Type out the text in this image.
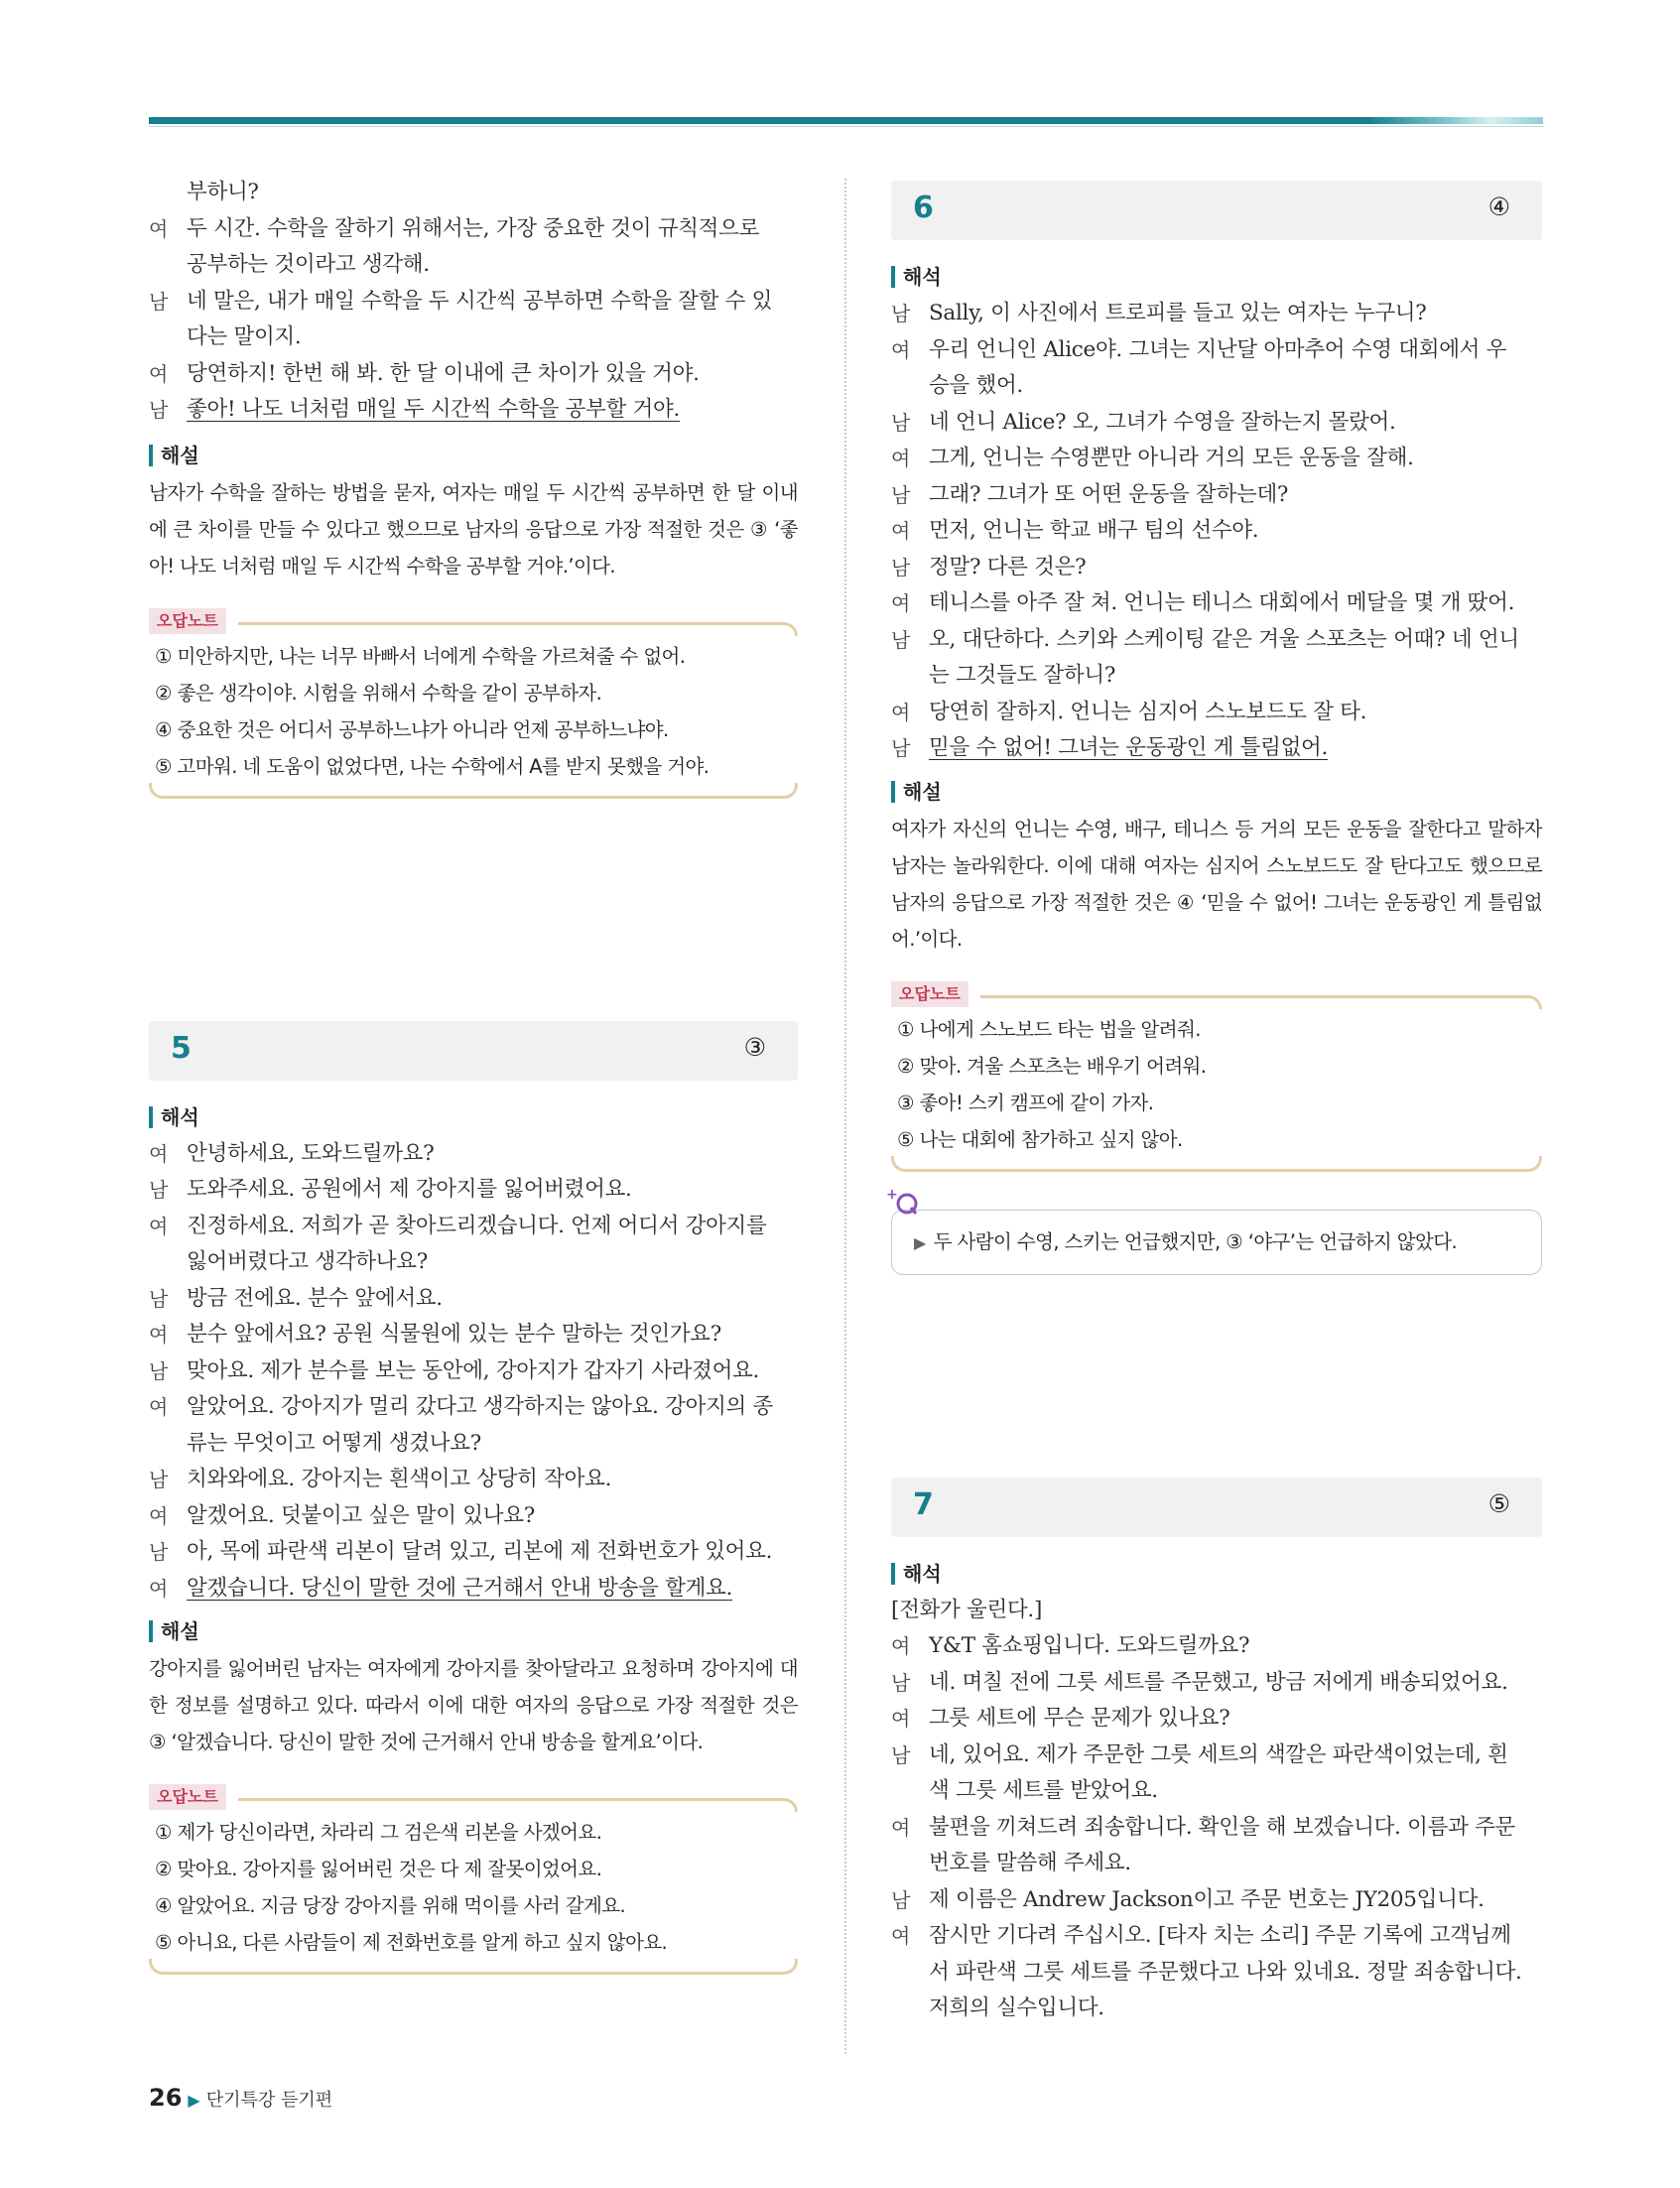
부하니?
여 두 시간. 수학을 잘하기 위해서는, 가장 중요한 것이 규칙적으로
공부하는 것이라고 생각해.
남 네 말은, 내가 매일 수학을 두 시간씩 공부하면 수학을 잘할 수 있
다는 말이지.
여 당연하지! 한번 해 봐. 한 달 이내에 큰 차이가 있을 거야.
남 좋아! 나도 너처럼 매일 두 시간씩 수학을 공부할 거야.
해설
남자가 수학을 잘하는 방법을 묻자, 여자는 매일 두 시간씩 공부하면 한 달 이내에 큰 차이를 만들 수 있다고 했으므로 남자의 응답으로 가장 적절한 것은 ③ ‘좋아! 나도 너처럼 매일 두 시간씩 수학을 공부할 거야.’이다.
오답노트
① 미안하지만, 나는 너무 바빠서 너에게 수학을 가르쳐줄 수 없어.
② 좋은 생각이야. 시험을 위해서 수학을 같이 공부하자.
④ 중요한 것은 어디서 공부하느냐가 아니라 언제 공부하느냐야.
⑤ 고마워. 네 도움이 없었다면, 나는 수학에서 A를 받지 못했을 거야.
5	③
해석
여 안녕하세요, 도와드릴까요?
남 도와주세요. 공원에서 제 강아지를 잃어버렸어요.
여 진정하세요. 저희가 곧 찾아드리겠습니다. 언제 어디서 강아지를
잃어버렸다고 생각하나요?
남 방금 전에요. 분수 앞에서요.
여 분수 앞에서요? 공원 식물원에 있는 분수 말하는 것인가요?
남 맞아요. 제가 분수를 보는 동안에, 강아지가 갑자기 사라졌어요.
여 알았어요. 강아지가 멀리 갔다고 생각하지는 않아요. 강아지의 종
류는 무엇이고 어떻게 생겼나요?
남 치와와에요. 강아지는 흰색이고 상당히 작아요.
여 알겠어요. 덧붙이고 싶은 말이 있나요?
남 아, 목에 파란색 리본이 달려 있고, 리본에 제 전화번호가 있어요.
여 알겠습니다. 당신이 말한 것에 근거해서 안내 방송을 할게요.
해설
강아지를 잃어버린 남자는 여자에게 강아지를 찾아달라고 요청하며 강아지에 대한 정보를 설명하고 있다. 따라서 이에 대한 여자의 응답으로 가장 적절한 것은 ③ ‘알겠습니다. 당신이 말한 것에 근거해서 안내 방송을 할게요’이다.
오답노트
① 제가 당신이라면, 차라리 그 검은색 리본을 사겠어요.
② 맞아요. 강아지를 잃어버린 것은 다 제 잘못이었어요.
④ 알았어요. 지금 당장 강아지를 위해 먹이를 사러 갈게요.
⑤ 아니요, 다른 사람들이 제 전화번호를 알게 하고 싶지 않아요.
6	④
해석
남 Sally, 이 사진에서 트로피를 들고 있는 여자는 누구니?
여 우리 언니인 Alice야. 그녀는 지난달 아마추어 수영 대회에서 우
승을 했어.
남 네 언니 Alice? 오, 그녀가 수영을 잘하는지 몰랐어.
여 그게, 언니는 수영뿐만 아니라 거의 모든 운동을 잘해.
남 그래? 그녀가 또 어떤 운동을 잘하는데?
여 먼저, 언니는 학교 배구 팀의 선수야.
남 정말? 다른 것은?
여 테니스를 아주 잘 쳐. 언니는 테니스 대회에서 메달을 몇 개 땄어.
남 오, 대단하다. 스키와 스케이팅 같은 겨울 스포츠는 어때? 네 언니
는 그것들도 잘하니?
여 당연히 잘하지. 언니는 심지어 스노보드도 잘 타.
남 믿을 수 없어! 그녀는 운동광인 게 틀림없어.
해설
여자가 자신의 언니는 수영, 배구, 테니스 등 거의 모든 운동을 잘한다고 말하자 남자는 놀라워한다. 이에 대해 여자는 심지어 스노보드도 잘 탄다고도 했으므로 남자의 응답으로 가장 적절한 것은 ④ ‘믿을 수 없어! 그녀는 운동광인 게 틀림없어.’이다.
오답노트
① 나에게 스노보드 타는 법을 알려줘.
② 맞아. 겨울 스포츠는 배우기 어려워.
③ 좋아! 스키 캠프에 같이 가자.
⑤ 나는 대회에 참가하고 싶지 않아.
+
▶ 두 사람이 수영, 스키는 언급했지만, ③ ‘야구’는 언급하지 않았다.
7	⑤
해석
[전화가 울린다.]
여 Y&T 홈쇼핑입니다. 도와드릴까요?
남 네. 며칠 전에 그릇 세트를 주문했고, 방금 저에게 배송되었어요.
여 그릇 세트에 무슨 문제가 있나요?
남 네, 있어요. 제가 주문한 그릇 세트의 색깔은 파란색이었는데, 흰
색 그릇 세트를 받았어요.
여 불편을 끼쳐드려 죄송합니다. 확인을 해 보겠습니다. 이름과 주문
번호를 말씀해 주세요.
남 제 이름은 Andrew Jackson이고 주문 번호는 JY205입니다.
여 잠시만 기다려 주십시오. [타자 치는 소리] 주문 기록에 고객님께
서 파란색 그릇 세트를 주문했다고 나와 있네요. 정말 죄송합니다.
저희의 실수입니다.
26 ▶ 단기특강 듣기편
